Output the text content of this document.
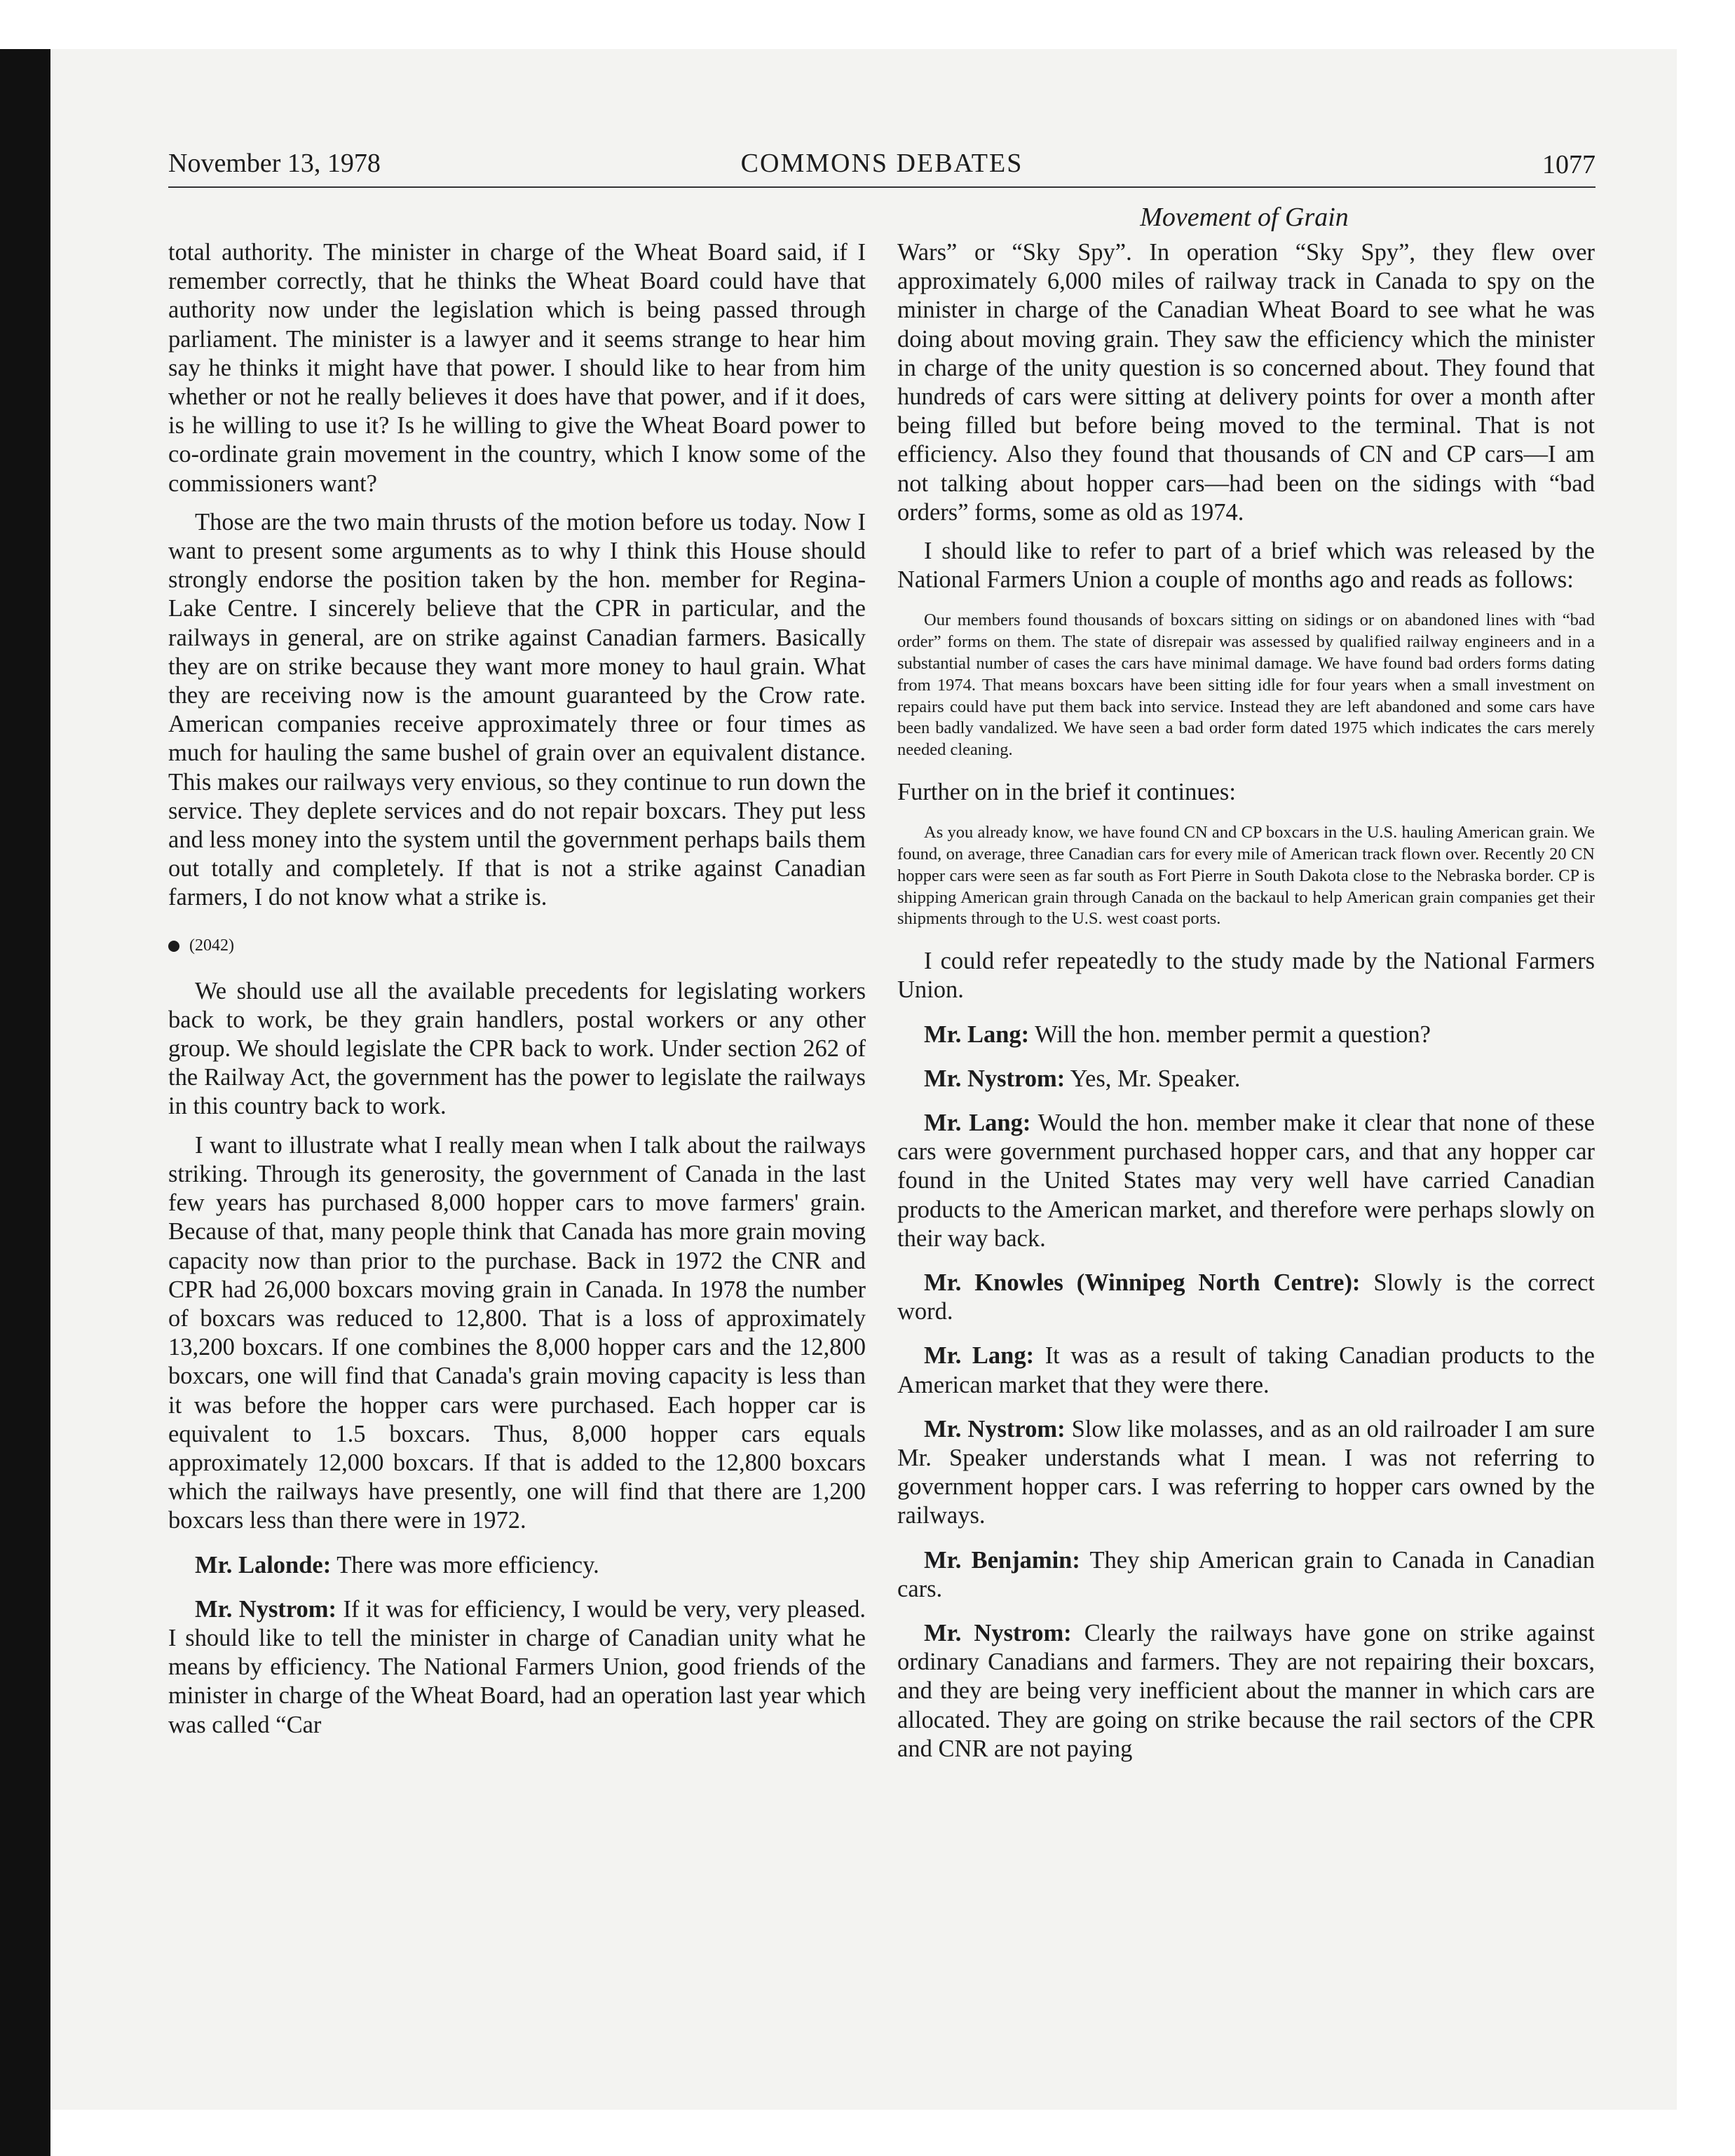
November 13, 1978	COMMONS DEBATES	1077
Movement of Grain

total authority. The minister in charge of the Wheat Board said, if I remember correctly, that he thinks the Wheat Board could have that authority now under the legislation which is being passed through parliament. The minister is a lawyer and it seems strange to hear him say he thinks it might have that power. I should like to hear from him whether or not he really believes it does have that power, and if it does, is he willing to use it? Is he willing to give the Wheat Board power to co-ordinate grain movement in the country, which I know some of the commissioners want?

Those are the two main thrusts of the motion before us today. Now I want to present some arguments as to why I think this House should strongly endorse the position taken by the hon. member for Regina-Lake Centre. I sincerely believe that the CPR in particular, and the railways in general, are on strike against Canadian farmers. Basically they are on strike because they want more money to haul grain. What they are receiving now is the amount guaranteed by the Crow rate. American companies receive approximately three or four times as much for hauling the same bushel of grain over an equivalent distance. This makes our railways very envious, so they continue to run down the service. They deplete services and do not repair boxcars. They put less and less money into the system until the government perhaps bails them out totally and completely. If that is not a strike against Canadian farmers, I do not know what a strike is.

(2042)

We should use all the available precedents for legislating workers back to work, be they grain handlers, postal workers or any other group. We should legislate the CPR back to work. Under section 262 of the Railway Act, the government has the power to legislate the railways in this country back to work.

I want to illustrate what I really mean when I talk about the railways striking. Through its generosity, the government of Canada in the last few years has purchased 8,000 hopper cars to move farmers' grain. Because of that, many people think that Canada has more grain moving capacity now than prior to the purchase. Back in 1972 the CNR and CPR had 26,000 boxcars moving grain in Canada. In 1978 the number of boxcars was reduced to 12,800. That is a loss of approximately 13,200 boxcars. If one combines the 8,000 hopper cars and the 12,800 boxcars, one will find that Canada's grain moving capacity is less than it was before the hopper cars were purchased. Each hopper car is equivalent to 1.5 boxcars. Thus, 8,000 hopper cars equals approximately 12,000 boxcars. If that is added to the 12,800 boxcars which the railways have presently, one will find that there are 1,200 boxcars less than there were in 1972.

Mr. Lalonde: There was more efficiency.

Mr. Nystrom: If it was for efficiency, I would be very, very pleased. I should like to tell the minister in charge of Canadian unity what he means by efficiency. The National Farmers Union, good friends of the minister in charge of the Wheat Board, had an operation last year which was called “Car

Wars” or “Sky Spy”. In operation “Sky Spy”, they flew over approximately 6,000 miles of railway track in Canada to spy on the minister in charge of the Canadian Wheat Board to see what he was doing about moving grain. They saw the efficiency which the minister in charge of the unity question is so concerned about. They found that hundreds of cars were sitting at delivery points for over a month after being filled but before being moved to the terminal. That is not efficiency. Also they found that thousands of CN and CP cars—I am not talking about hopper cars—had been on the sidings with “bad orders” forms, some as old as 1974.

I should like to refer to part of a brief which was released by the National Farmers Union a couple of months ago and reads as follows:

Our members found thousands of boxcars sitting on sidings or on abandoned lines with “bad order” forms on them. The state of disrepair was assessed by qualified railway engineers and in a substantial number of cases the cars have minimal damage. We have found bad orders forms dating from 1974. That means boxcars have been sitting idle for four years when a small investment on repairs could have put them back into service. Instead they are left abandoned and some cars have been badly vandalized. We have seen a bad order form dated 1975 which indicates the cars merely needed cleaning.

Further on in the brief it continues:

As you already know, we have found CN and CP boxcars in the U.S. hauling American grain. We found, on average, three Canadian cars for every mile of American track flown over. Recently 20 CN hopper cars were seen as far south as Fort Pierre in South Dakota close to the Nebraska border. CP is shipping American grain through Canada on the backaul to help American grain companies get their shipments through to the U.S. west coast ports.

I could refer repeatedly to the study made by the National Farmers Union.

Mr. Lang: Will the hon. member permit a question?

Mr. Nystrom: Yes, Mr. Speaker.

Mr. Lang: Would the hon. member make it clear that none of these cars were government purchased hopper cars, and that any hopper car found in the United States may very well have carried Canadian products to the American market, and therefore were perhaps slowly on their way back.

Mr. Knowles (Winnipeg North Centre): Slowly is the correct word.

Mr. Lang: It was as a result of taking Canadian products to the American market that they were there.

Mr. Nystrom: Slow like molasses, and as an old railroader I am sure Mr. Speaker understands what I mean. I was not referring to government hopper cars. I was referring to hopper cars owned by the railways.

Mr. Benjamin: They ship American grain to Canada in Canadian cars.

Mr. Nystrom: Clearly the railways have gone on strike against ordinary Canadians and farmers. They are not repairing their boxcars, and they are being very inefficient about the manner in which cars are allocated. They are going on strike because the rail sectors of the CPR and CNR are not paying
